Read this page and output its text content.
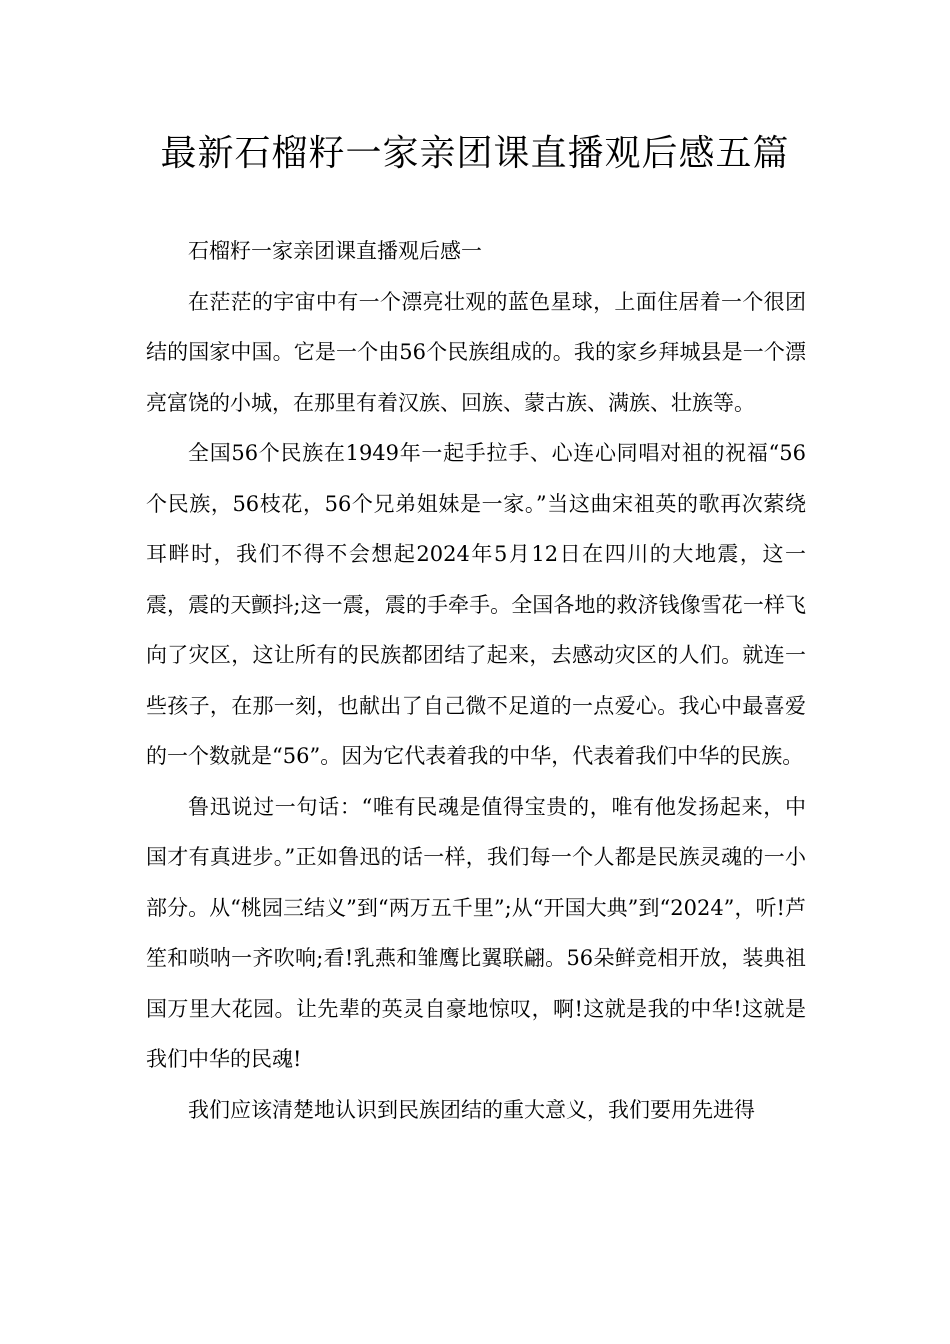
最新石榴籽一家亲团课直播观后感五篇

石榴籽一家亲团课直播观后感一

在茫茫的宇宙中有一个漂亮壮观的蓝色星球，上面住居着一个很团结的国家中国。它是一个由56个民族组成的。我的家乡拜城县是一个漂亮富饶的小城，在那里有着汉族、回族、蒙古族、满族、壮族等。

全国56个民族在1949年一起手拉手、心连心同唱对祖的祝福“56个民族，56枝花，56个兄弟姐妹是一家。”当这曲宋祖英的歌再次萦绕耳畔时，我们不得不会想起2024年5月12日在四川的大地震，这一震，震的天颤抖;这一震，震的手牵手。全国各地的救济钱像雪花一样飞向了灾区，这让所有的民族都团结了起来，去感动灾区的人们。就连一些孩子，在那一刻，也献出了自己微不足道的一点爱心。我心中最喜爱的一个数就是“56”。因为它代表着我的中华，代表着我们中华的民族。

鲁迅说过一句话：“唯有民魂是值得宝贵的，唯有他发扬起来，中国才有真进步。”正如鲁迅的话一样，我们每一个人都是民族灵魂的一小部分。从“桃园三结义”到“两万五千里”;从“开国大典”到“2024”，听!芦笙和唢呐一齐吹响;看!乳燕和雏鹰比翼联翩。56朵鲜竞相开放，装典祖国万里大花园。让先辈的英灵自豪地惊叹，啊!这就是我的中华!这就是我们中华的民魂!

我们应该清楚地认识到民族团结的重大意义，我们要用先进得
